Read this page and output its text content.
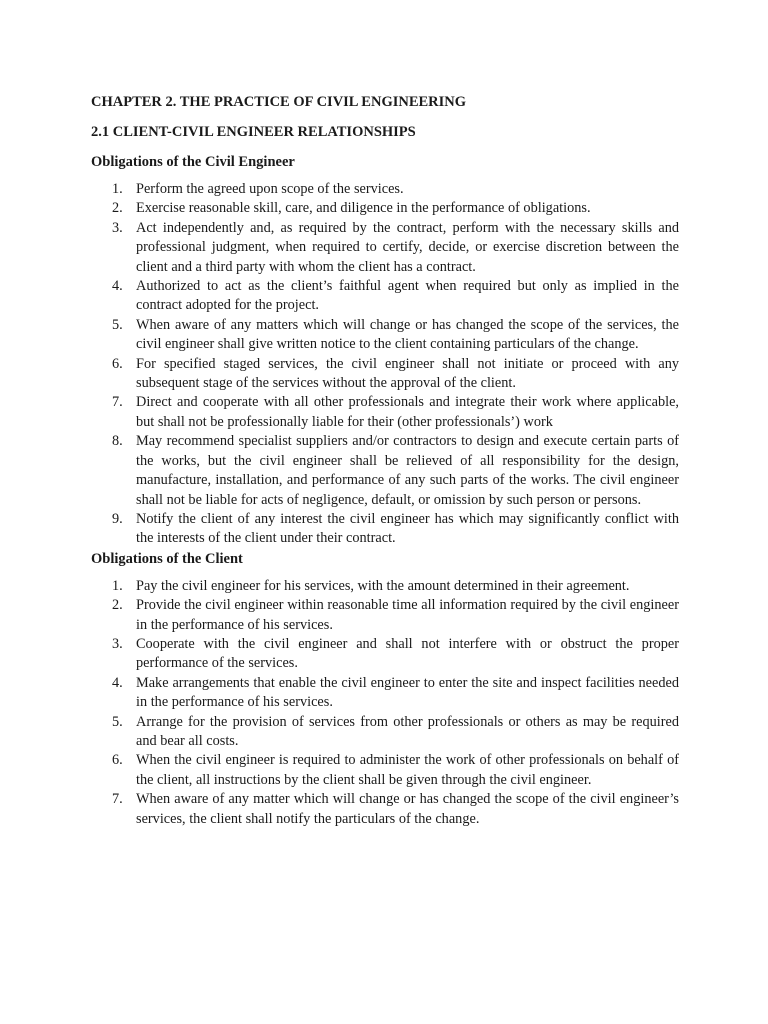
CHAPTER 2. THE PRACTICE OF CIVIL ENGINEERING

2.1 CLIENT-CIVIL ENGINEER RELATIONSHIPS

Obligations of the Civil Engineer

1. Perform the agreed upon scope of the services.
2. Exercise reasonable skill, care, and diligence in the performance of obligations.
3. Act independently and, as required by the contract, perform with the necessary skills and professional judgment, when required to certify, decide, or exercise discretion between the client and a third party with whom the client has a contract.
4. Authorized to act as the client’s faithful agent when required but only as implied in the contract adopted for the project.
5. When aware of any matters which will change or has changed the scope of the services, the civil engineer shall give written notice to the client containing particulars of the change.
6. For specified staged services, the civil engineer shall not initiate or proceed with any subsequent stage of the services without the approval of the client.
7. Direct and cooperate with all other professionals and integrate their work where applicable, but shall not be professionally liable for their (other professionals’) work
8. May recommend specialist suppliers and/or contractors to design and execute certain parts of the works, but the civil engineer shall be relieved of all responsibility for the design, manufacture, installation, and performance of any such parts of the works. The civil engineer shall not be liable for acts of negligence, default, or omission by such person or persons.
9. Notify the client of any interest the civil engineer has which may significantly conflict with the interests of the client under their contract.

Obligations of the Client

1. Pay the civil engineer for his services, with the amount determined in their agreement.
2. Provide the civil engineer within reasonable time all information required by the civil engineer in the performance of his services.
3. Cooperate with the civil engineer and shall not interfere with or obstruct the proper performance of the services.
4. Make arrangements that enable the civil engineer to enter the site and inspect facilities needed in the performance of his services.
5. Arrange for the provision of services from other professionals or others as may be required and bear all costs.
6. When the civil engineer is required to administer the work of other professionals on behalf of the client, all instructions by the client shall be given through the civil engineer.
7. When aware of any matter which will change or has changed the scope of the civil engineer’s services, the client shall notify the particulars of the change.
